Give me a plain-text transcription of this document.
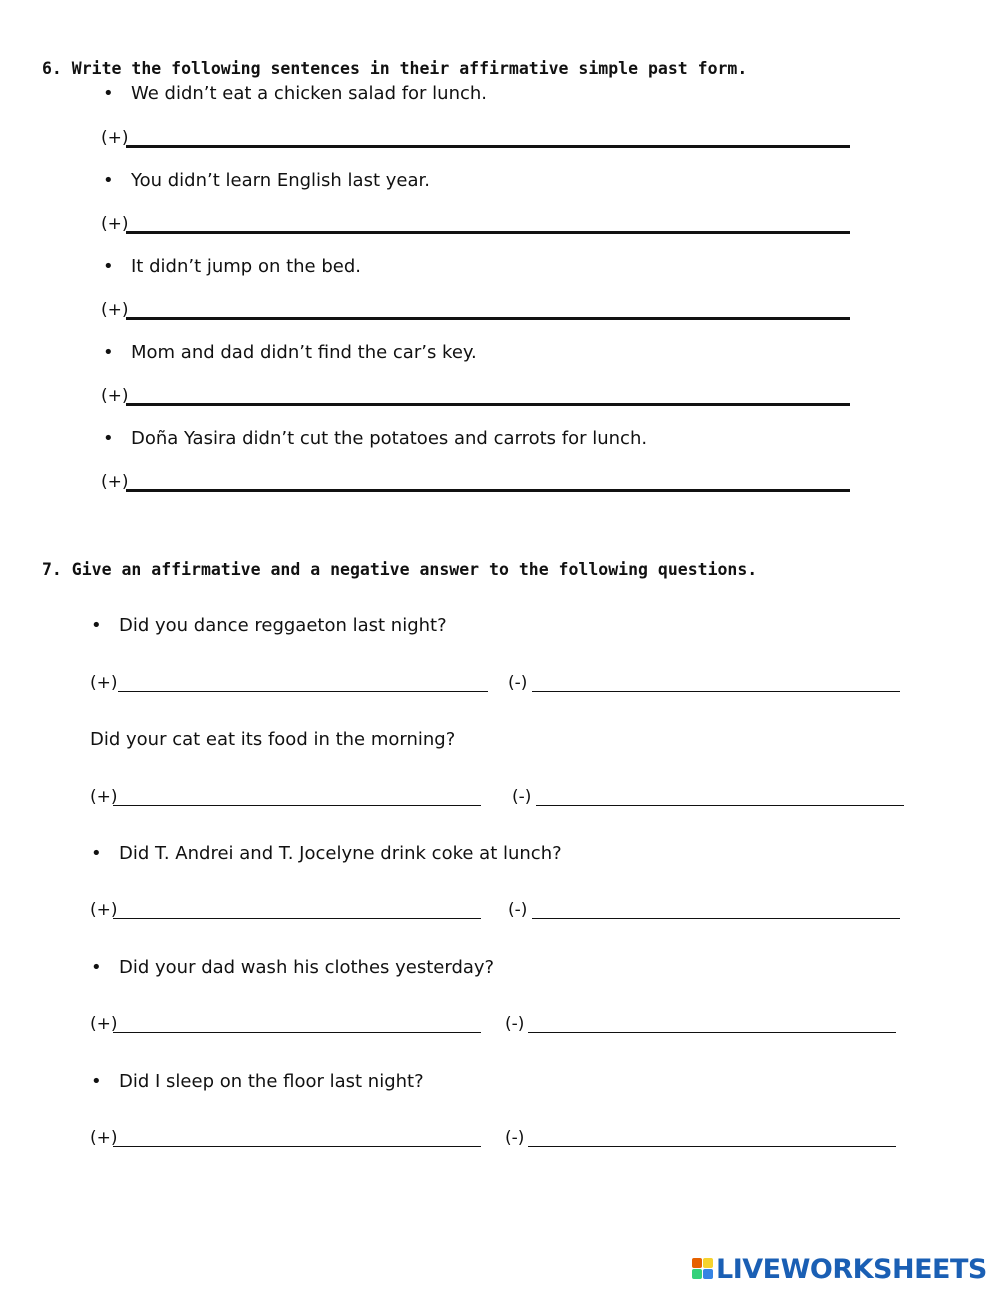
6. Write the following sentences in their affirmative simple past form.
• We didn’t eat a chicken salad for lunch.
(+)
• You didn’t learn English last year.
(+)
• It didn’t jump on the bed.
(+)
• Mom and dad didn’t find the car’s key.
(+)
• Doña Yasira didn’t cut the potatoes and carrots for lunch.
(+)
7. Give an affirmative and a negative answer to the following questions.
• Did you dance reggaeton last night?
(+)	(-)
Did your cat eat its food in the morning?
(+)	(-)
• Did T. Andrei and T. Jocelyne drink coke at lunch?
(+)	(-)
• Did your dad wash his clothes yesterday?
(+)	(-)
• Did I sleep on the floor last night?
(+)	(-)
LIVEWORKSHEETS
